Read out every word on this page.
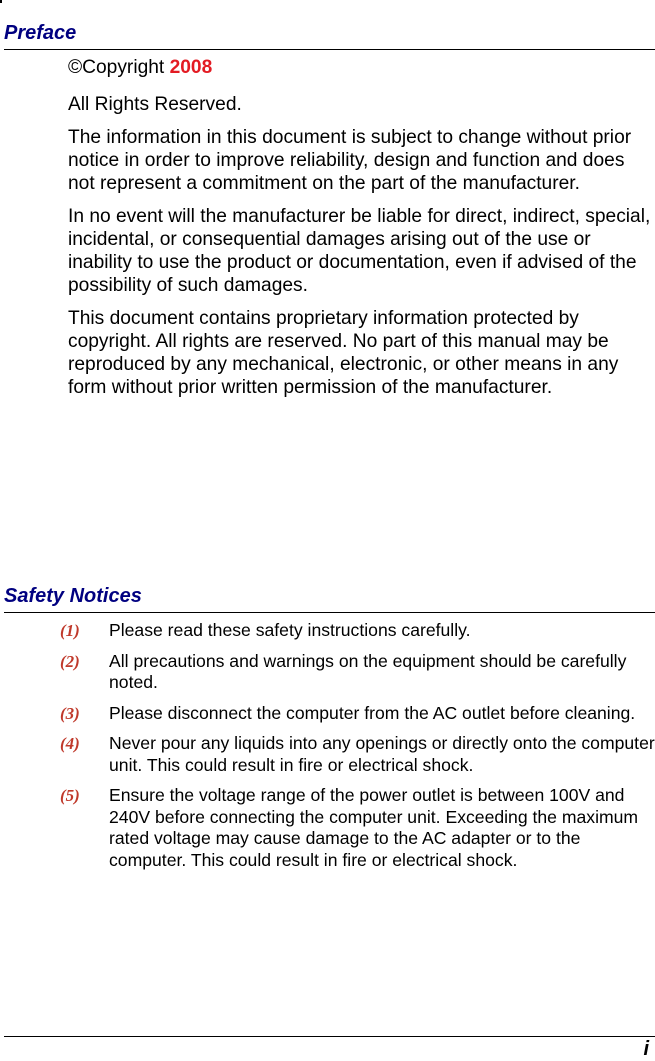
Preface

©Copyright 2008

All Rights Reserved.

The information in this document is subject to change without prior notice in order to improve reliability, design and function and does not represent a commitment on the part of the manufacturer.

In no event will the manufacturer be liable for direct, indirect, special, incidental, or consequential damages arising out of the use or inability to use the product or documentation, even if advised of the possibility of such damages.

This document contains proprietary information protected by copyright. All rights are reserved. No part of this manual may be reproduced by any mechanical, electronic, or other means in any form without prior written permission of the manufacturer.

Safety Notices
(1) Please read these safety instructions carefully.
(2) All precautions and warnings on the equipment should be carefully noted.
(3) Please disconnect the computer from the AC outlet before cleaning.
(4) Never pour any liquids into any openings or directly onto the computer unit. This could result in fire or electrical shock.
(5) Ensure the voltage range of the power outlet is between 100V and 240V before connecting the computer unit. Exceeding the maximum rated voltage may cause damage to the AC adapter or to the computer. This could result in fire or electrical shock.
i
